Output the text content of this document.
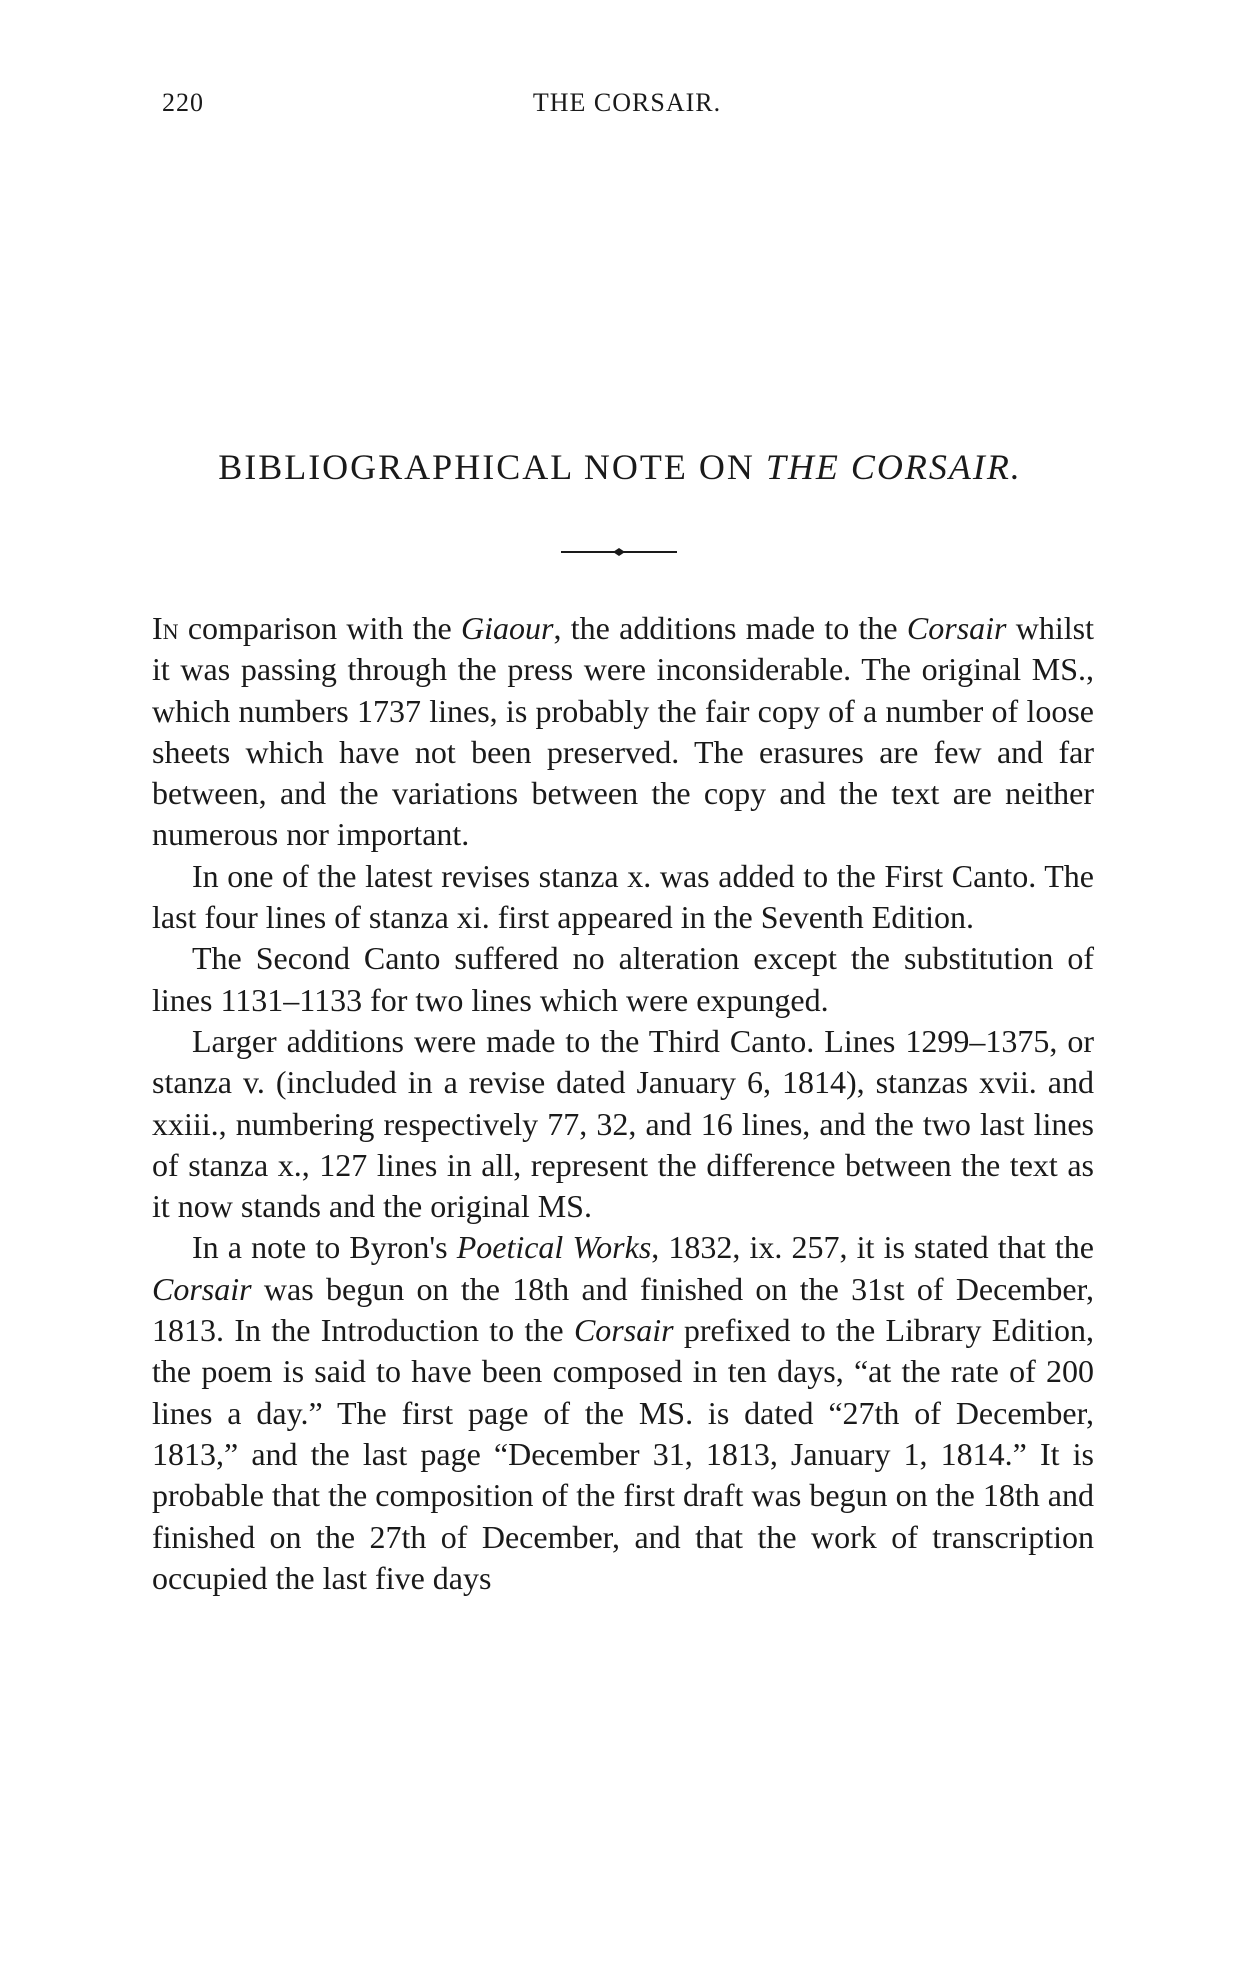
220	THE CORSAIR.
BIBLIOGRAPHICAL NOTE ON THE CORSAIR.

In comparison with the Giaour, the additions made to the Corsair whilst it was passing through the press were inconsiderable. The original MS., which numbers 1737 lines, is probably the fair copy of a number of loose sheets which have not been preserved. The erasures are few and far between, and the variations between the copy and the text are neither numerous nor important.

In one of the latest revises stanza x. was added to the First Canto. The last four lines of stanza xi. first appeared in the Seventh Edition.

The Second Canto suffered no alteration except the substitution of lines 1131–1133 for two lines which were expunged.

Larger additions were made to the Third Canto. Lines 1299–1375, or stanza v. (included in a revise dated January 6, 1814), stanzas xvii. and xxiii., numbering respectively 77, 32, and 16 lines, and the two last lines of stanza x., 127 lines in all, represent the difference between the text as it now stands and the original MS.

In a note to Byron's Poetical Works, 1832, ix. 257, it is stated that the Corsair was begun on the 18th and finished on the 31st of December, 1813. In the Introduction to the Corsair prefixed to the Library Edition, the poem is said to have been composed in ten days, “at the rate of 200 lines a day.” The first page of the MS. is dated “27th of December, 1813,” and the last page “December 31, 1813, January 1, 1814.” It is probable that the composition of the first draft was begun on the 18th and finished on the 27th of December, and that the work of transcription occupied the last five days
